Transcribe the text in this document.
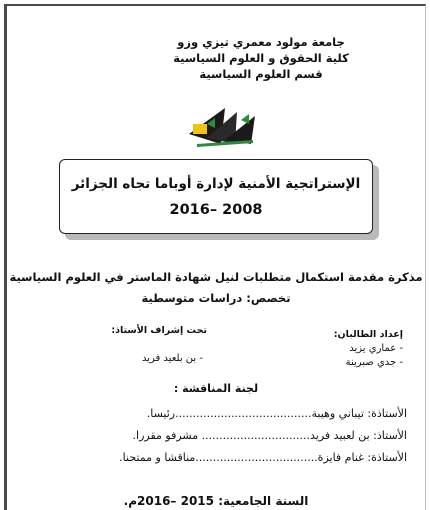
جامعة مولود معمري تيزي وزو
كلية الحقوق و العلوم السياسية
قسم العلوم السياسية
الإستراتجية الأمنية لإدارة أوباما تجاه الجزائر
2008 –2016
مذكرة مقدمة استكمال متطلبات لنيل شهادة الماستر في العلوم السياسية
تخصص: دراسات متوسطية
إعداد الطالبان:
- عماري يزيد
- جدي صبرينة
تحت إشراف الأستاذ:
- بن بلعيد فريد
لجنة المناقشة :
الأستاذة: تيباني وهيبة.......................................رئيسا.
الأستاذ: بن لعبيد فريد............................... مشرفو مقررا.
الأستاذة: غنام فايزة...................................مناقشا و ممتحنا.
السنة الجامعية: 2015 –2016م.
